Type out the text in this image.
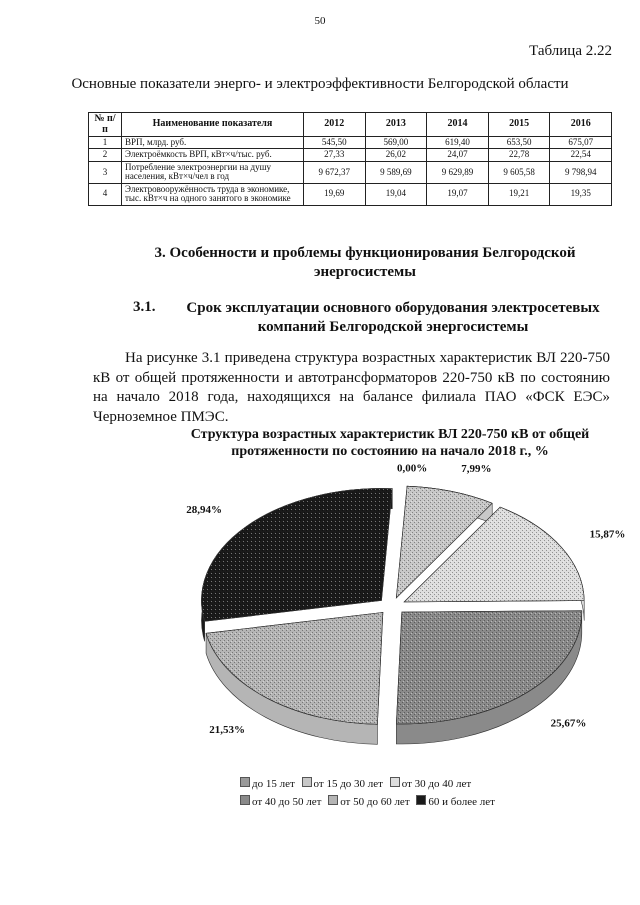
50
Таблица 2.22
Основные показатели энерго- и электроэффективности Белгородской области
№ п/п	Наименование показателя	2012	2013	2014	2015	2016
1	ВРП, млрд. руб.	545,50	569,00	619,40	653,50	675,07
2	Электроёмкость ВРП, кВт×ч/тыс. руб.	27,33	26,02	24,07	22,78	22,54
3	Потребление электроэнергии на душу населения, кВт×ч/чел в год	9 672,37	9 589,69	9 629,89	9 605,58	9 798,94
4	Электровооружённость труда в экономике, тыс. кВт×ч на одного занятого в экономике	19,69	19,04	19,07	19,21	19,35
3. Особенности и проблемы функционирования Белгородской энергосистемы
3.1.	Срок эксплуатации основного оборудования электросетевых компаний Белгородской энергосистемы
На рисунке 3.1 приведена структура возрастных характеристик ВЛ 220-750 кВ от общей протяженности и автотрансформаторов 220-750 кВ по состоянию на начало 2018 года, находящихся на балансе филиала ПАО «ФСК ЕЭС» Черноземное ПМЭС.
Структура возрастных характеристик ВЛ 220-750 кВ от общей протяженности по состоянию на начало 2018 г., %
0,00%	7,99%
15,87%
25,67%
21,53%
28,94%
до 15 лет от 15 до 30 лет от 30 до 40 лет
от 40 до 50 лет от 50 до 60 лет 60 и более лет
